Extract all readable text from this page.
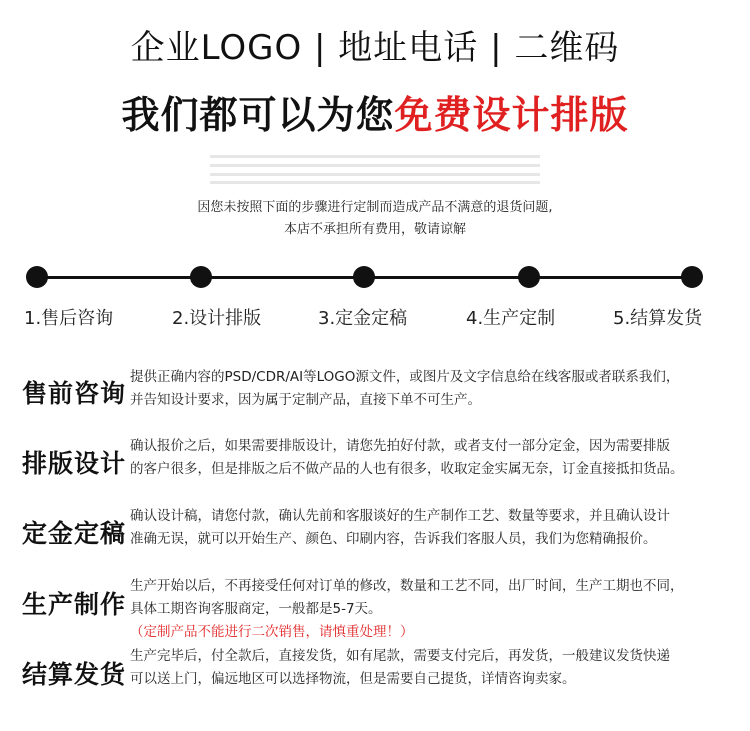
企业LOGO | 地址电话 | 二维码
我们都可以为您免费设计排版
因您未按照下面的步骤进行定制而造成产品不满意的退货问题,
本店不承担所有费用，敬请谅解
1.售后咨询	2.设计排版	3.定金定稿	4.生产定制	5.结算发货
售前咨询
提供正确内容的PSD/CDR/AI等LOGO源文件，或图片及文字信息给在线客服或者联系我们，
并告知设计要求，因为属于定制产品，直接下单不可生产。
排版设计
确认报价之后，如果需要排版设计，请您先拍好付款，或者支付一部分定金，因为需要排版
的客户很多，但是排版之后不做产品的人也有很多，收取定金实属无奈，订金直接抵扣货品。
定金定稿
确认设计稿，请您付款，确认先前和客服谈好的生产制作工艺、数量等要求，并且确认设计
准确无误，就可以开始生产、颜色、印刷内容，告诉我们客服人员，我们为您精确报价。
生产制作
生产开始以后，不再接受任何对订单的修改，数量和工艺不同，出厂时间，生产工期也不同，
具体工期咨询客服商定，一般都是5-7天。
（定制产品不能进行二次销售，请慎重处理！）
结算发货
生产完毕后，付全款后，直接发货，如有尾款，需要支付完后，再发货，一般建议发货快递
可以送上门，偏远地区可以选择物流，但是需要自己提货，详情咨询卖家。
